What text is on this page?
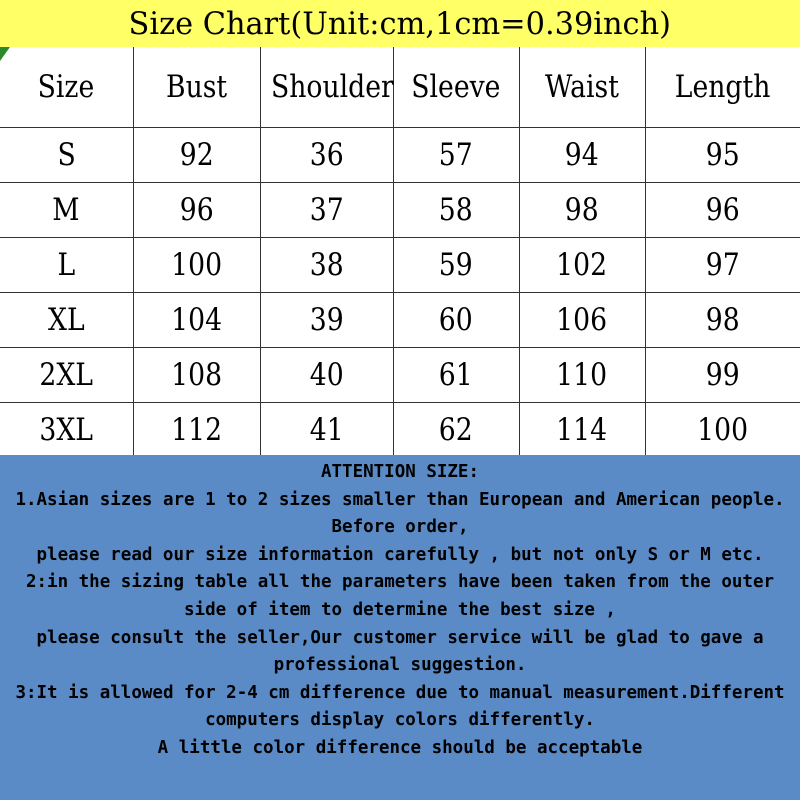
Size Chart(Unit:cm,1cm=0.39inch)
Size	Bust	Shoulder	Sleeve	Waist	Length
S	92	36	57	94	95
M	96	37	58	98	96
L	100	38	59	102	97
XL	104	39	60	106	98
2XL	108	40	61	110	99
3XL	112	41	62	114	100

ATTENTION SIZE:

1.Asian sizes are 1 to 2 sizes smaller than European and American people. Before order,

please read our size information carefully , but not only S or M etc.

2:in the sizing table all the parameters have been taken from the outer side of item to determine the best size ,

please consult the seller,Our customer service will be glad to gave a professional suggestion.

3:It is allowed for 2-4 cm difference due to manual measurement.Different computers display colors differently.

A little color difference should be acceptable
